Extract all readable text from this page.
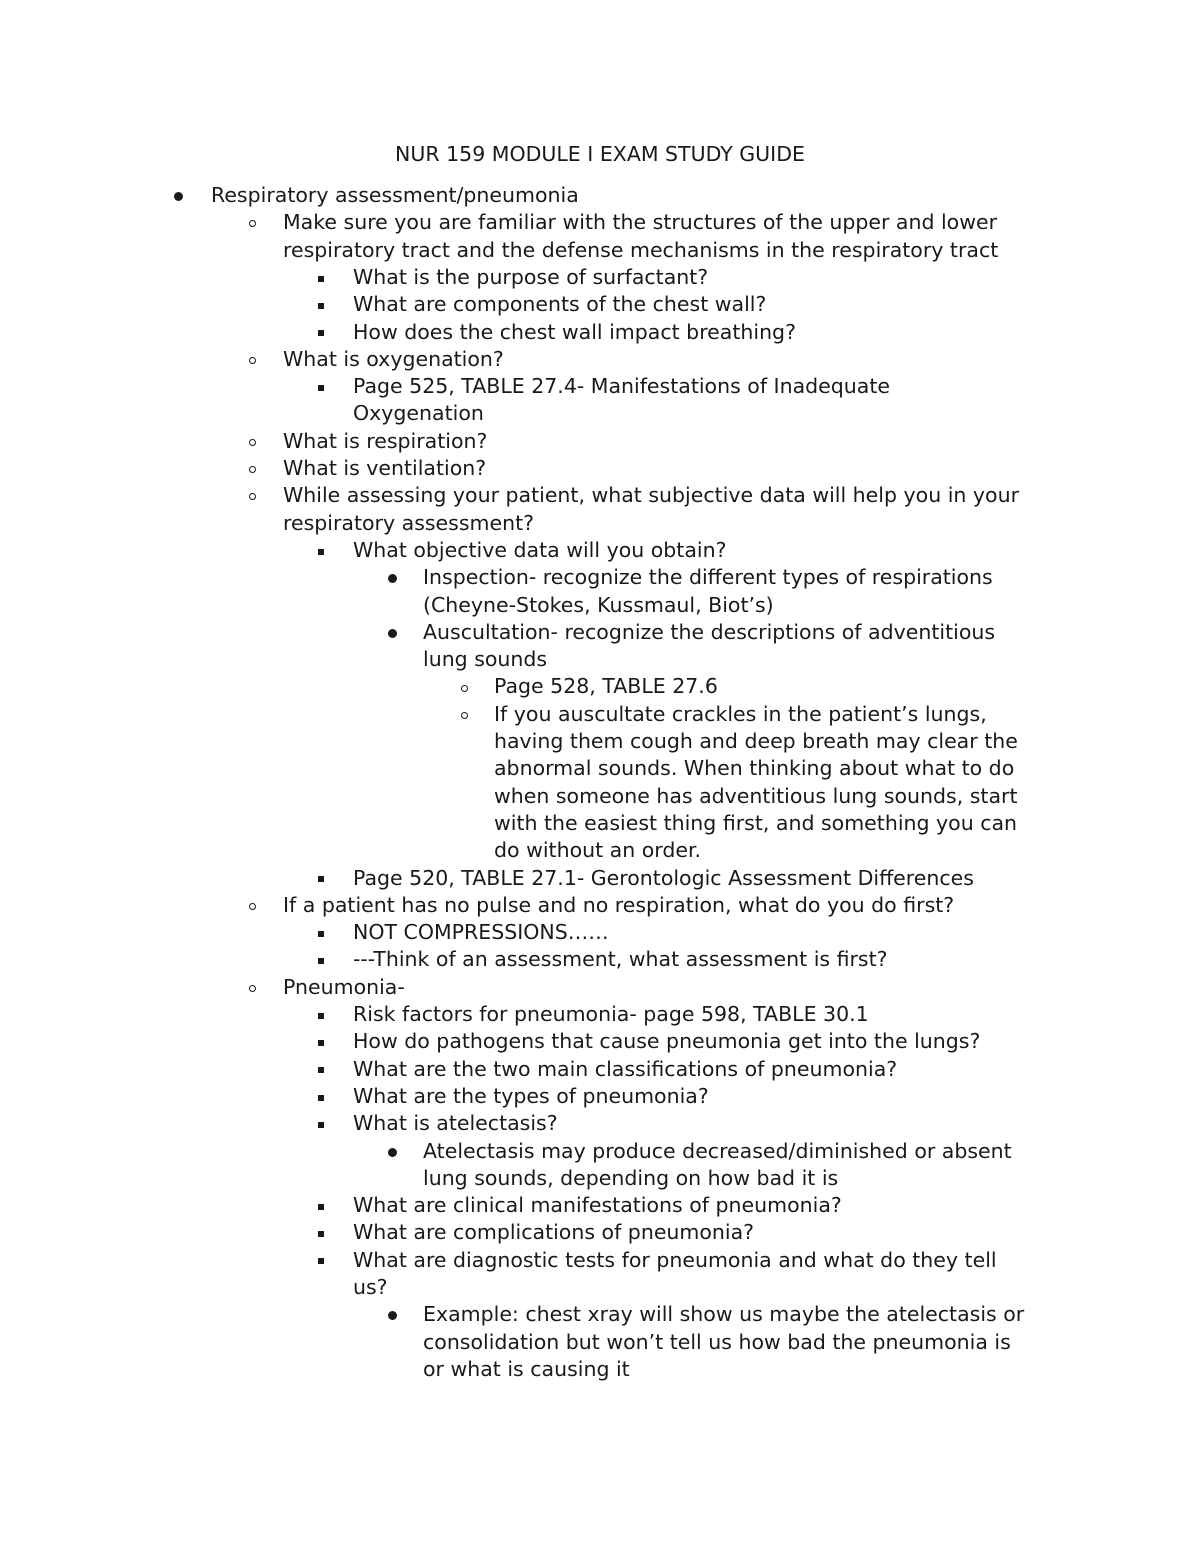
NUR 159 MODULE I EXAM STUDY GUIDE
Respiratory assessment/pneumonia
Make sure you are familiar with the structures of the upper and lower
respiratory tract and the defense mechanisms in the respiratory tract
What is the purpose of surfactant?
What are components of the chest wall?
How does the chest wall impact breathing?
What is oxygenation?
Page 525, TABLE 27.4- Manifestations of Inadequate
Oxygenation
What is respiration?
What is ventilation?
While assessing your patient, what subjective data will help you in your
respiratory assessment?
What objective data will you obtain?
Inspection- recognize the different types of respirations
(Cheyne-Stokes, Kussmaul, Biot’s)
Auscultation- recognize the descriptions of adventitious
lung sounds
Page 528, TABLE 27.6
If you auscultate crackles in the patient’s lungs,
having them cough and deep breath may clear the
abnormal sounds. When thinking about what to do
when someone has adventitious lung sounds, start
with the easiest thing first, and something you can
do without an order.
Page 520, TABLE 27.1- Gerontologic Assessment Differences
If a patient has no pulse and no respiration, what do you do first?
NOT COMPRESSIONS……
---Think of an assessment, what assessment is first?
Pneumonia-
Risk factors for pneumonia- page 598, TABLE 30.1
How do pathogens that cause pneumonia get into the lungs?
What are the two main classifications of pneumonia?
What are the types of pneumonia?
What is atelectasis?
Atelectasis may produce decreased/diminished or absent
lung sounds, depending on how bad it is
What are clinical manifestations of pneumonia?
What are complications of pneumonia?
What are diagnostic tests for pneumonia and what do they tell
us?
Example: chest xray will show us maybe the atelectasis or
consolidation but won’t tell us how bad the pneumonia is
or what is causing it
